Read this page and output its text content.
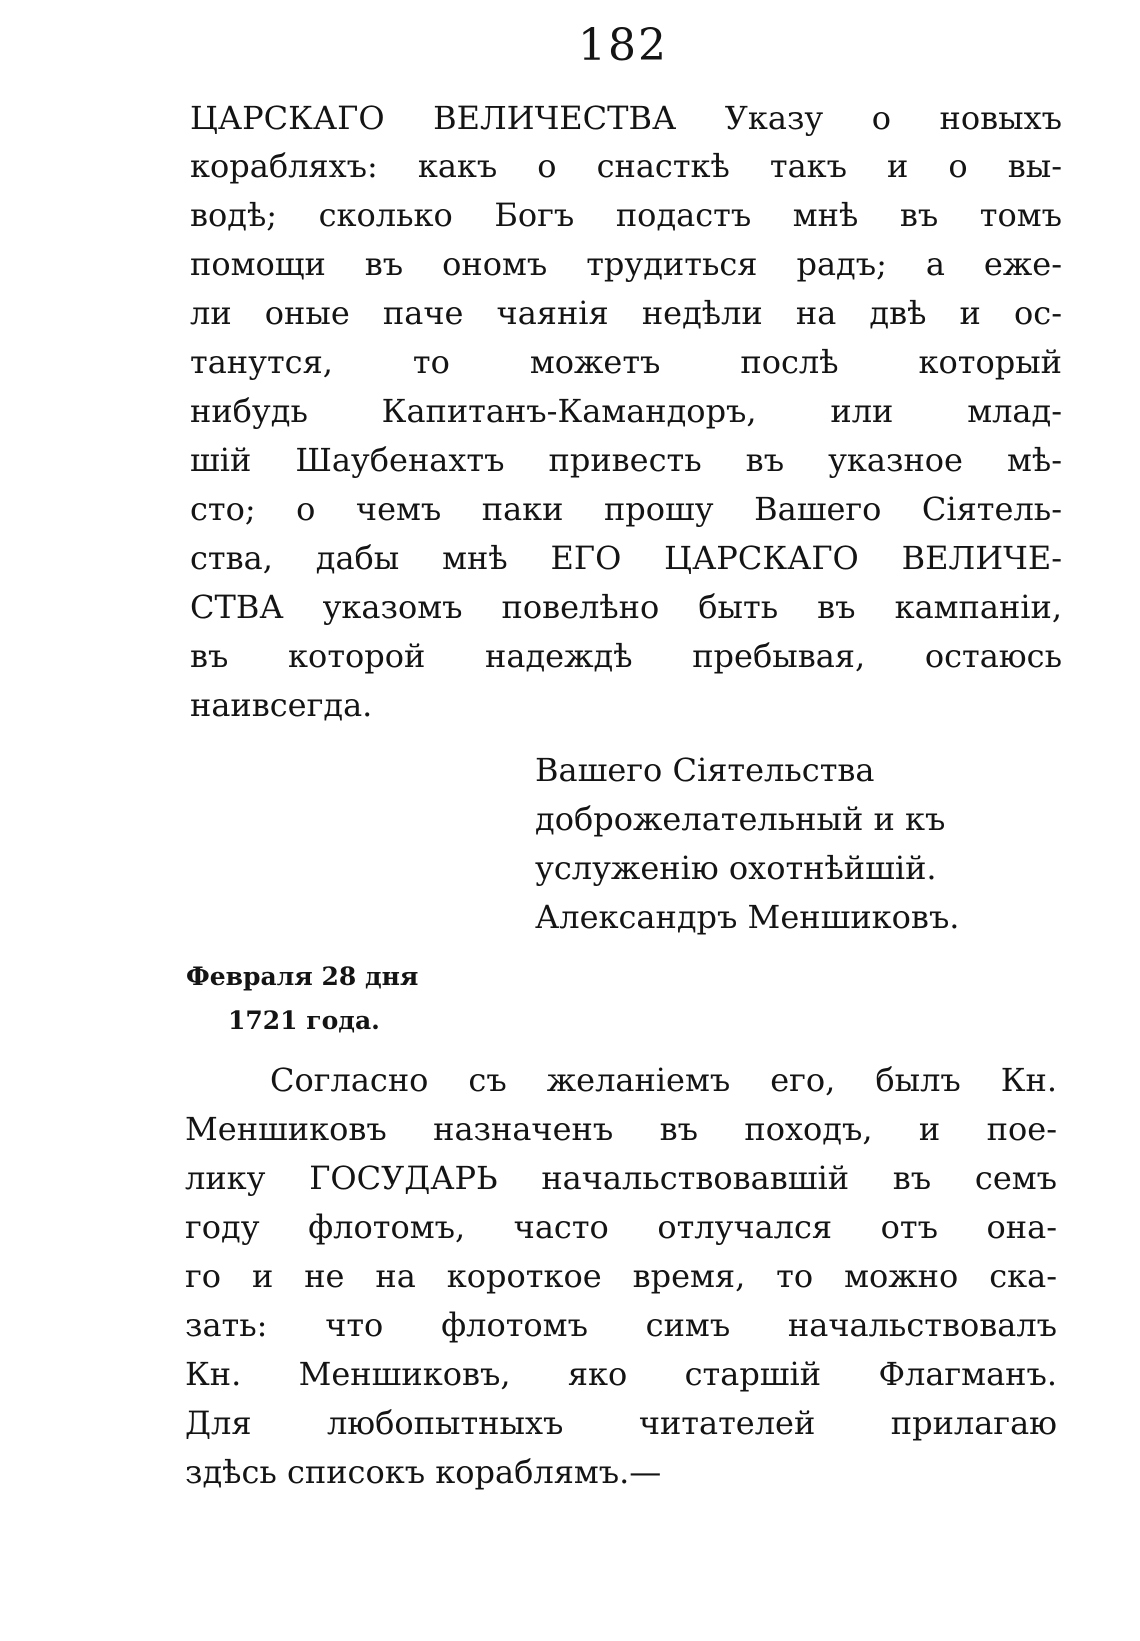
182
ЦАРСКАГО ВЕЛИЧЕСТВА Указу о новыхъ
корабляхъ: какъ о снасткѣ такъ и о вы-
водѣ; сколько Богъ подастъ мнѣ въ томъ
помощи въ ономъ трудиться радъ; а еже-
ли оные паче чаянія недѣли на двѣ и ос-
танутся, то можетъ послѣ который
нибудь Капитанъ-Камандоръ, или млад-
шій Шаубенахтъ привесть въ указное мѣ-
сто; о чемъ паки прошу Вашего Сіятель-
ства, дабы мнѣ ЕГО ЦАРСКАГО ВЕЛИЧЕ-
СТВА указомъ повелѣно быть въ кампаніи,
въ которой надеждѣ пребывая, остаюсь
наивсегда.
Вашего Сіятельства
доброжелательный и къ
услуженію охотнѣйшій.
Александръ Меншиковъ.
Февраля 28 дня
1721 года.
Согласно съ желаніемъ его, былъ Кн.
Меншиковъ назначенъ въ походъ, и пое-
лику ГОСУДАРЬ начальствовавшій въ семъ
году флотомъ, часто отлучался отъ она-
го и не на короткое время, то можно ска-
зать: что флотомъ симъ начальствовалъ
Кн. Меншиковъ, яко старшій Флагманъ.
Для любопытныхъ читателей прилагаю
здѣсь списокъ кораблямъ.—
